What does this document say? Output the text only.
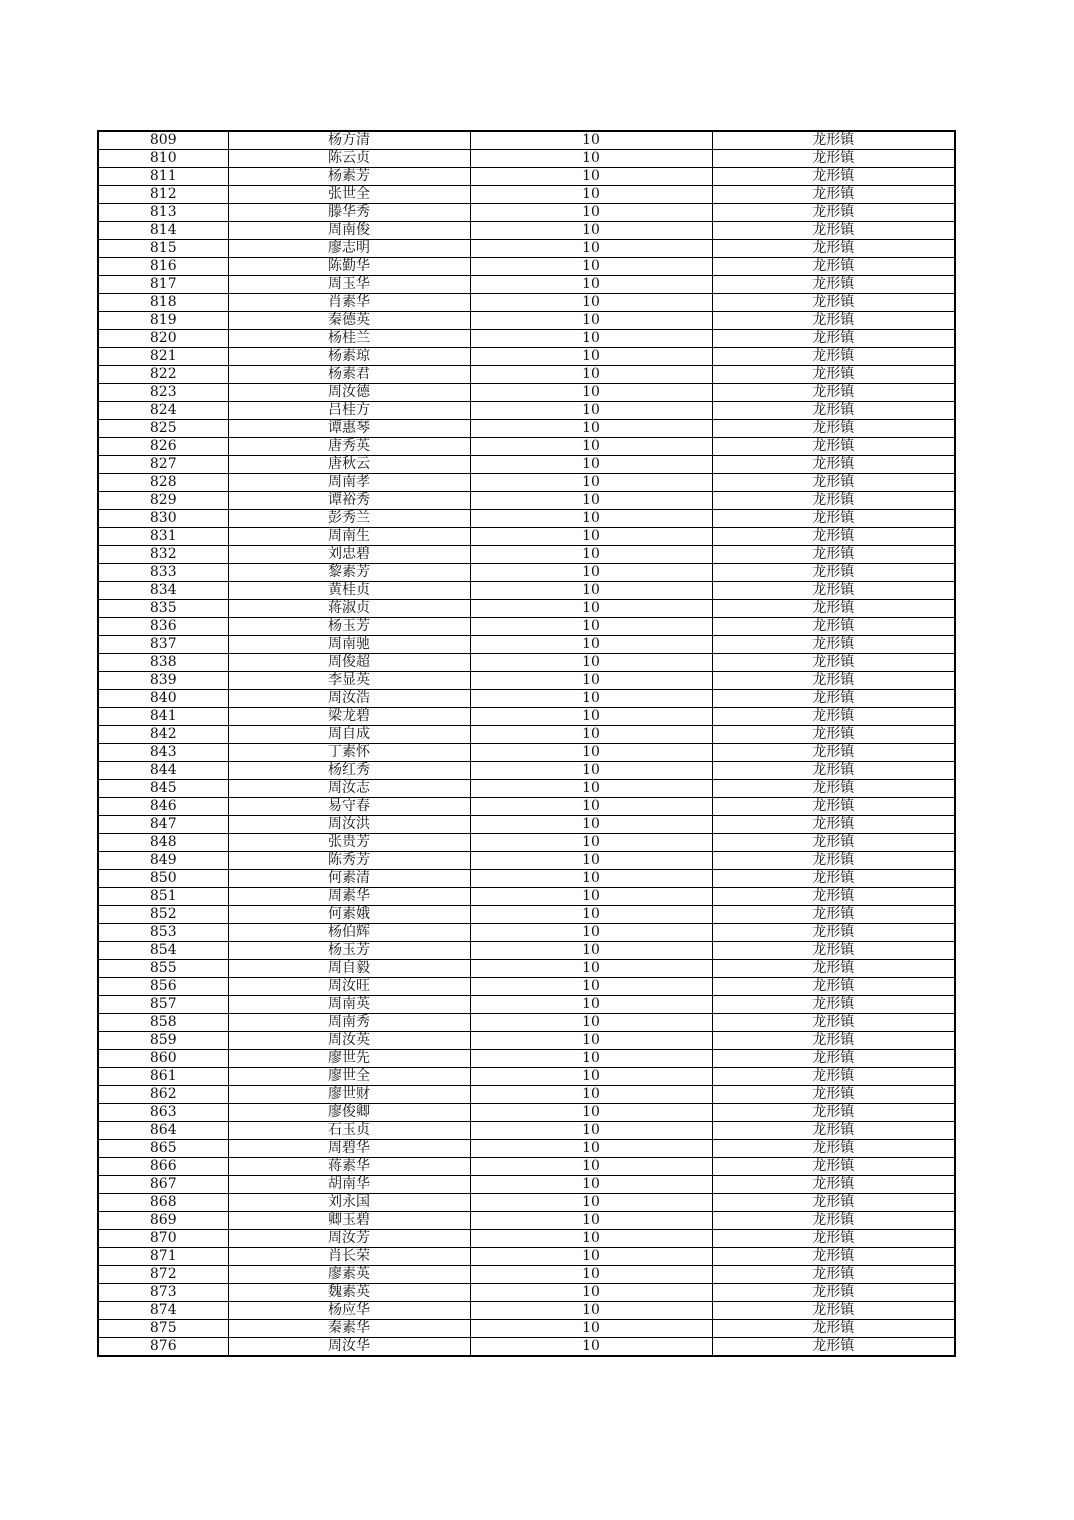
809	杨方清	10	龙形镇
810	陈云贞	10	龙形镇
811	杨素芳	10	龙形镇
812	张世全	10	龙形镇
813	滕华秀	10	龙形镇
814	周南俊	10	龙形镇
815	廖志明	10	龙形镇
816	陈勤华	10	龙形镇
817	周玉华	10	龙形镇
818	肖素华	10	龙形镇
819	秦德英	10	龙形镇
820	杨桂兰	10	龙形镇
821	杨素琼	10	龙形镇
822	杨素君	10	龙形镇
823	周汝德	10	龙形镇
824	吕桂方	10	龙形镇
825	谭惠琴	10	龙形镇
826	唐秀英	10	龙形镇
827	唐秋云	10	龙形镇
828	周南孝	10	龙形镇
829	谭裕秀	10	龙形镇
830	彭秀兰	10	龙形镇
831	周南生	10	龙形镇
832	刘忠碧	10	龙形镇
833	黎素芳	10	龙形镇
834	黄桂贞	10	龙形镇
835	蒋淑贞	10	龙形镇
836	杨玉芳	10	龙形镇
837	周南驰	10	龙形镇
838	周俊超	10	龙形镇
839	李显英	10	龙形镇
840	周汝浩	10	龙形镇
841	梁龙碧	10	龙形镇
842	周自成	10	龙形镇
843	丁素怀	10	龙形镇
844	杨红秀	10	龙形镇
845	周汝志	10	龙形镇
846	易守春	10	龙形镇
847	周汝洪	10	龙形镇
848	张贵芳	10	龙形镇
849	陈秀芳	10	龙形镇
850	何素清	10	龙形镇
851	周素华	10	龙形镇
852	何素娥	10	龙形镇
853	杨伯辉	10	龙形镇
854	杨玉芳	10	龙形镇
855	周自毅	10	龙形镇
856	周汝旺	10	龙形镇
857	周南英	10	龙形镇
858	周南秀	10	龙形镇
859	周汝英	10	龙形镇
860	廖世先	10	龙形镇
861	廖世全	10	龙形镇
862	廖世财	10	龙形镇
863	廖俊卿	10	龙形镇
864	石玉贞	10	龙形镇
865	周碧华	10	龙形镇
866	蒋素华	10	龙形镇
867	胡南华	10	龙形镇
868	刘永国	10	龙形镇
869	卿玉碧	10	龙形镇
870	周汝芳	10	龙形镇
871	肖长荣	10	龙形镇
872	廖素英	10	龙形镇
873	魏素英	10	龙形镇
874	杨应华	10	龙形镇
875	秦素华	10	龙形镇
876	周汝华	10	龙形镇
